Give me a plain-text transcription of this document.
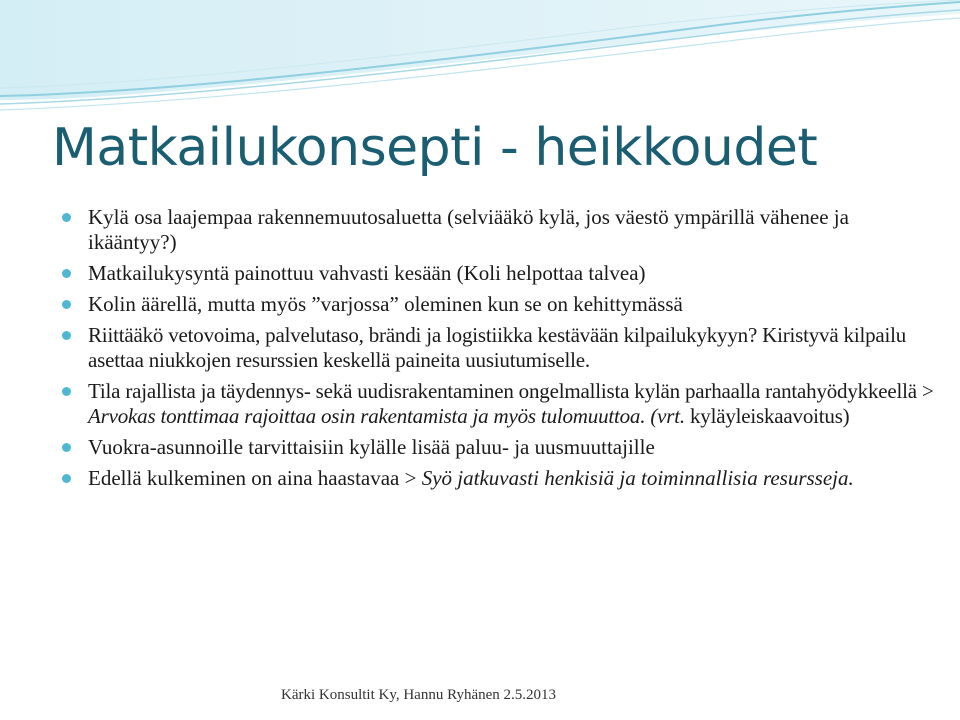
Matkailukonsepti - heikkoudet
Kylä osa laajempaa rakennemuutosaluetta (selviääkö kylä, jos väestö ympärillä vähenee ja ikääntyy?)
Matkailukysyntä painottuu vahvasti kesään (Koli helpottaa talvea)
Kolin äärellä, mutta myös ”varjossa” oleminen kun se on kehittymässä
Riittääkö vetovoima, palvelutaso, brändi ja logistiikka kestävään kilpailukykyyn? Kiristyvä kilpailu asettaa niukkojen resurssien keskellä paineita uusiutumiselle.
Tila rajallista ja täydennys- sekä uudisrakentaminen ongelmallista kylän parhaalla rantahyödykkeellä > Arvokas tonttimaa rajoittaa osin rakentamista ja myös tulomuuttoa. (vrt. kyläyleiskaavoitus)
Vuokra-asunnoille tarvittaisiin kylälle lisää paluu- ja uusmuuttajille
Edellä kulkeminen on aina haastavaa > Syö jatkuvasti henkisiä ja toiminnallisia resursseja.
Kärki Konsultit Ky, Hannu Ryhänen 2.5.2013
